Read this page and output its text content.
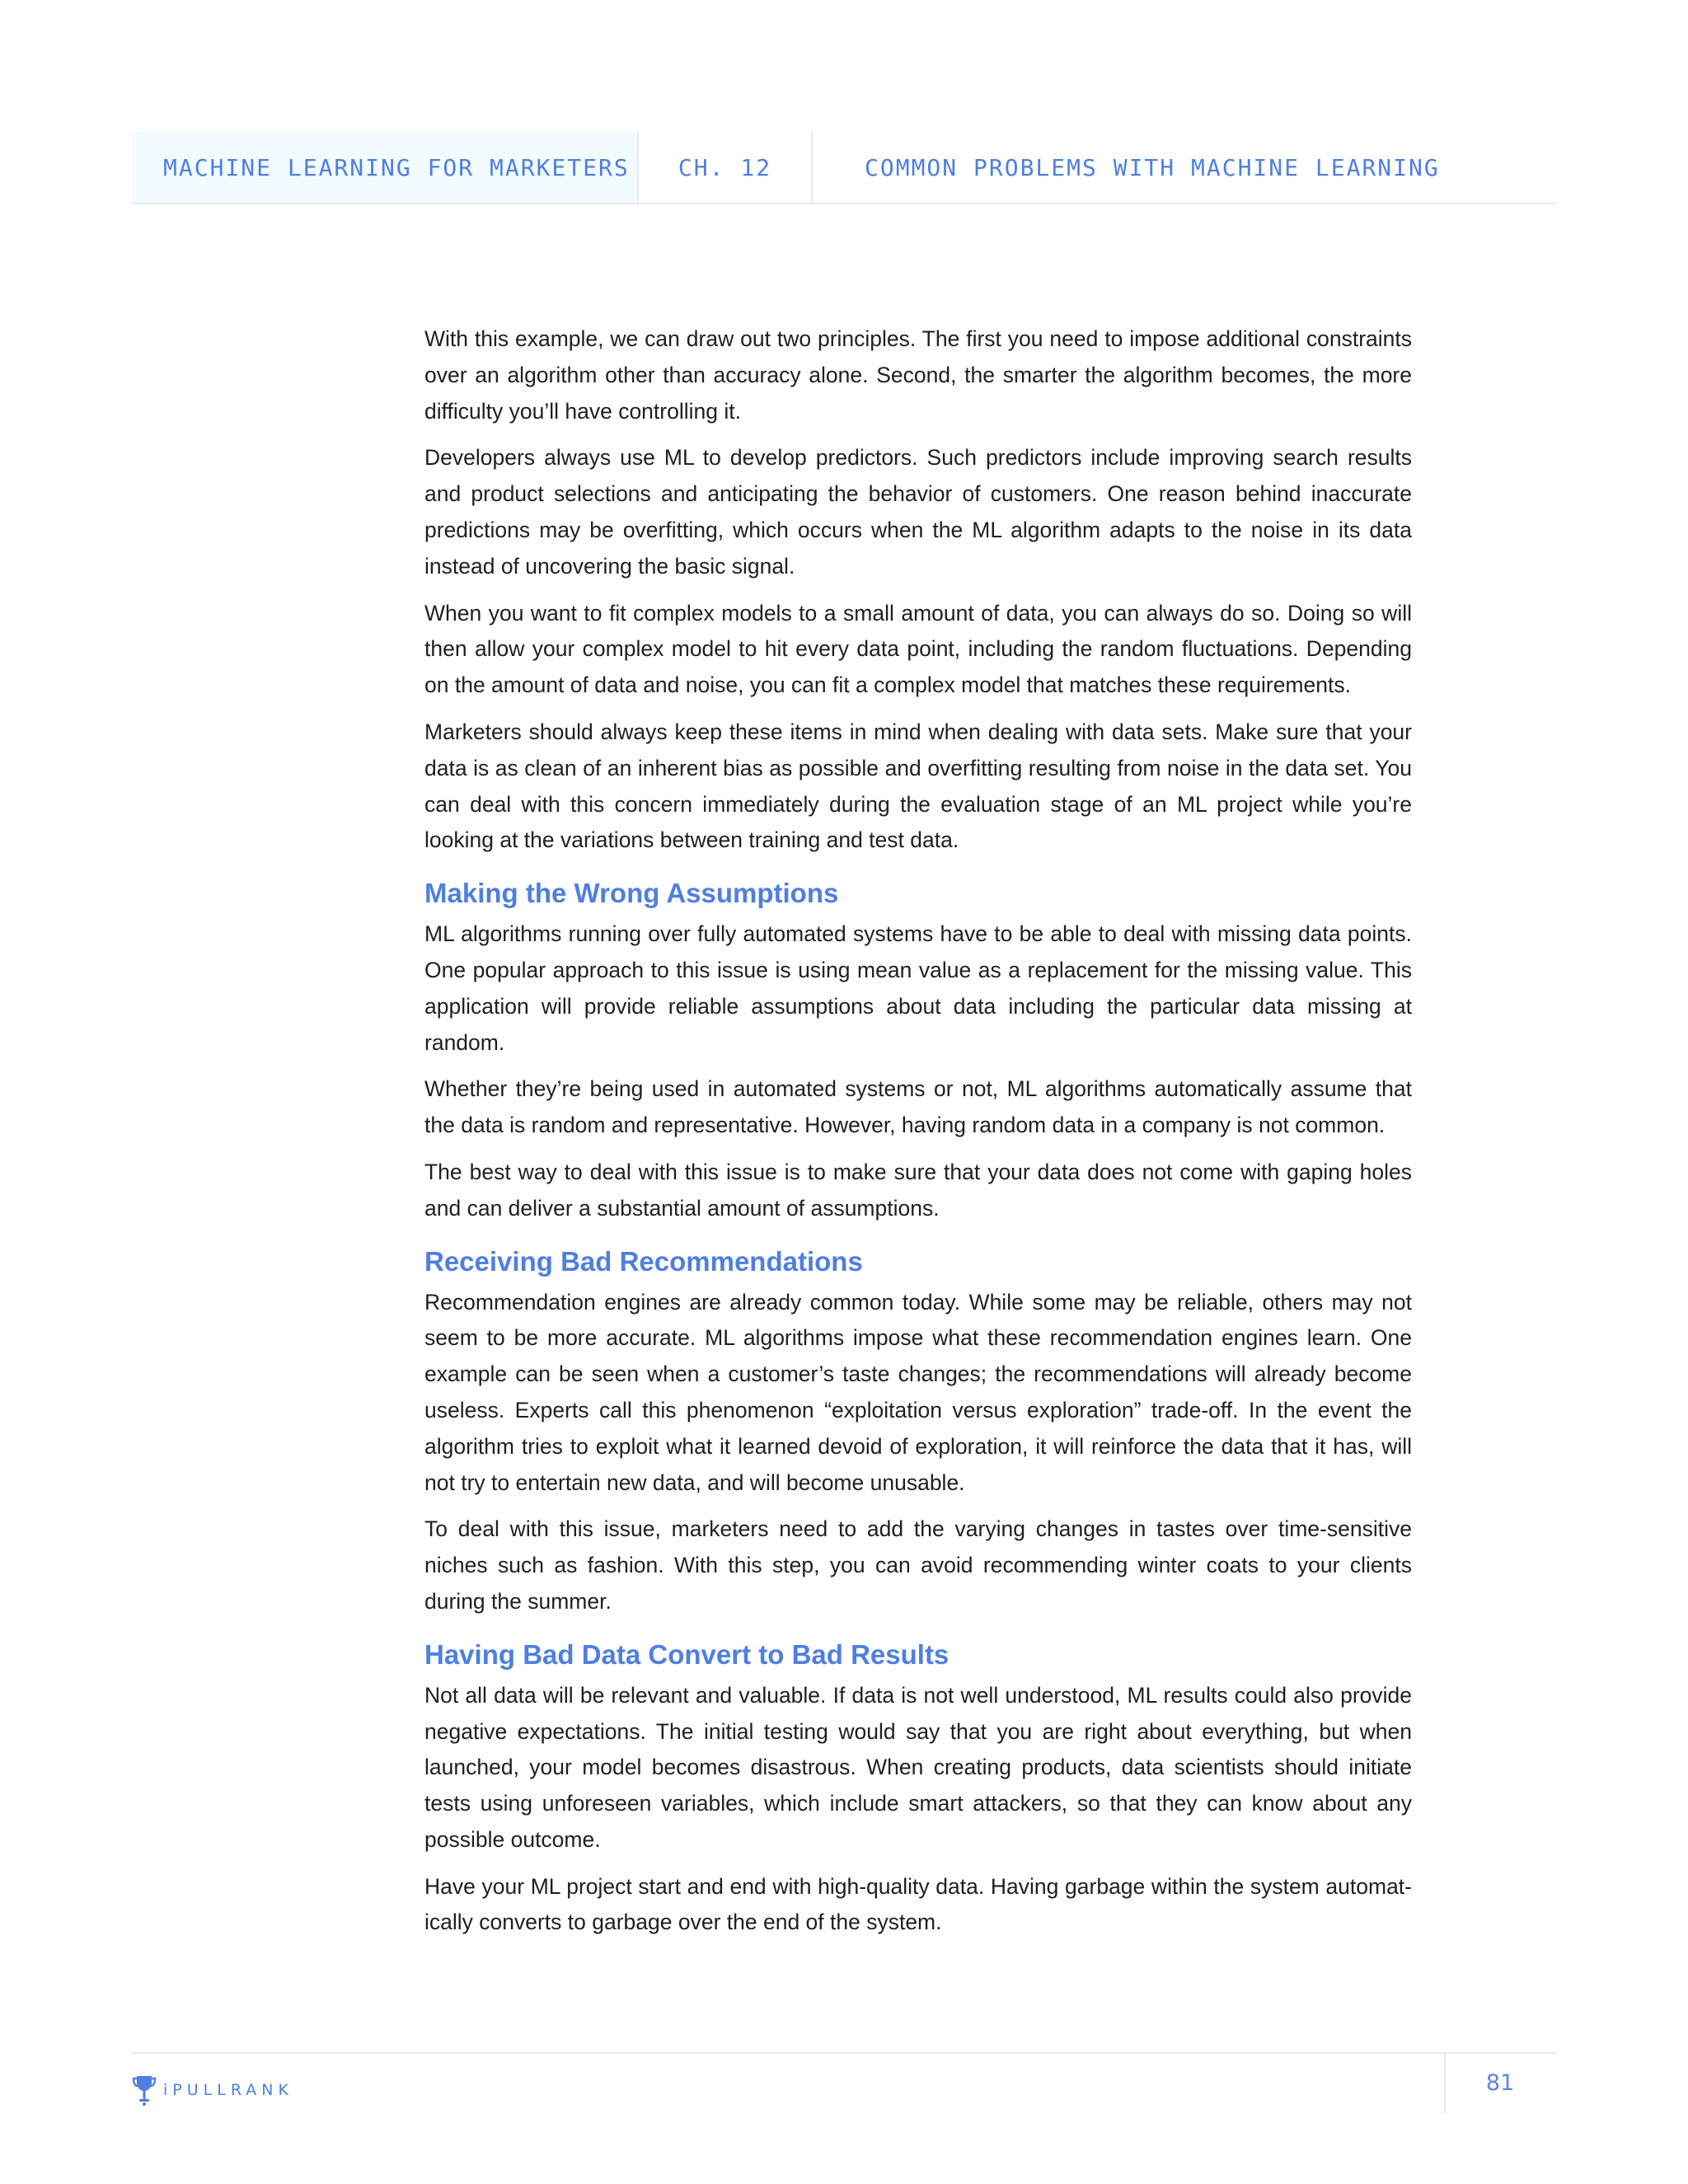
MACHINE LEARNING FOR MARKETERS	CH. 12	COMMON PROBLEMS WITH MACHINE LEARNING

With this example, we can draw out two principles. The first you need to impose additional constraints over an algorithm other than accuracy alone. Second, the smarter the algorithm becomes, the more difficulty you’ll have controlling it.

Developers always use ML to develop predictors. Such predictors include improving search results and product selections and anticipating the behavior of customers. One reason behind inaccurate predictions may be overfitting, which occurs when the ML algorithm adapts to the noise in its data instead of uncovering the basic signal.

When you want to fit complex models to a small amount of data, you can always do so. Doing so will then allow your complex model to hit every data point, including the random fluctuations. Depending on the amount of data and noise, you can fit a complex model that matches these requirements.

Marketers should always keep these items in mind when dealing with data sets. Make sure that your data is as clean of an inherent bias as possible and overfitting resulting from noise in the data set. You can deal with this concern immediately during the evaluation stage of an ML project while you’re looking at the variations between training and test data.

Making the Wrong Assumptions

ML algorithms running over fully automated systems have to be able to deal with missing data points. One popular approach to this issue is using mean value as a replacement for the missing value. This application will provide reliable assumptions about data including the particular data missing at random.

Whether they’re being used in automated systems or not, ML algorithms automatically assume that the data is random and representative. However, having random data in a company is not common.

The best way to deal with this issue is to make sure that your data does not come with gaping holes and can deliver a substantial amount of assumptions.

Receiving Bad Recommendations

Recommendation engines are already common today. While some may be reliable, others may not seem to be more accurate. ML algorithms impose what these recommendation engines learn. One example can be seen when a customer’s taste changes; the recommendations will already become useless. Experts call this phenomenon “exploitation versus exploration” trade-off. In the event the algorithm tries to exploit what it learned devoid of exploration, it will reinforce the data that it has, will not try to entertain new data, and will become unusable.

To deal with this issue, marketers need to add the varying changes in tastes over time-sensitive niches such as fashion. With this step, you can avoid recommending winter coats to your clients during the summer.

Having Bad Data Convert to Bad Results

Not all data will be relevant and valuable. If data is not well understood, ML results could also provide negative expectations. The initial testing would say that you are right about everything, but when launched, your model becomes disastrous. When creating products, data scientists should initiate tests using unforeseen variables, which include smart attackers, so that they can know about any possible outcome.

Have your ML project start and end with high-quality data. Having garbage within the system automat-ically converts to garbage over the end of the system.

iPULLRANK	81
